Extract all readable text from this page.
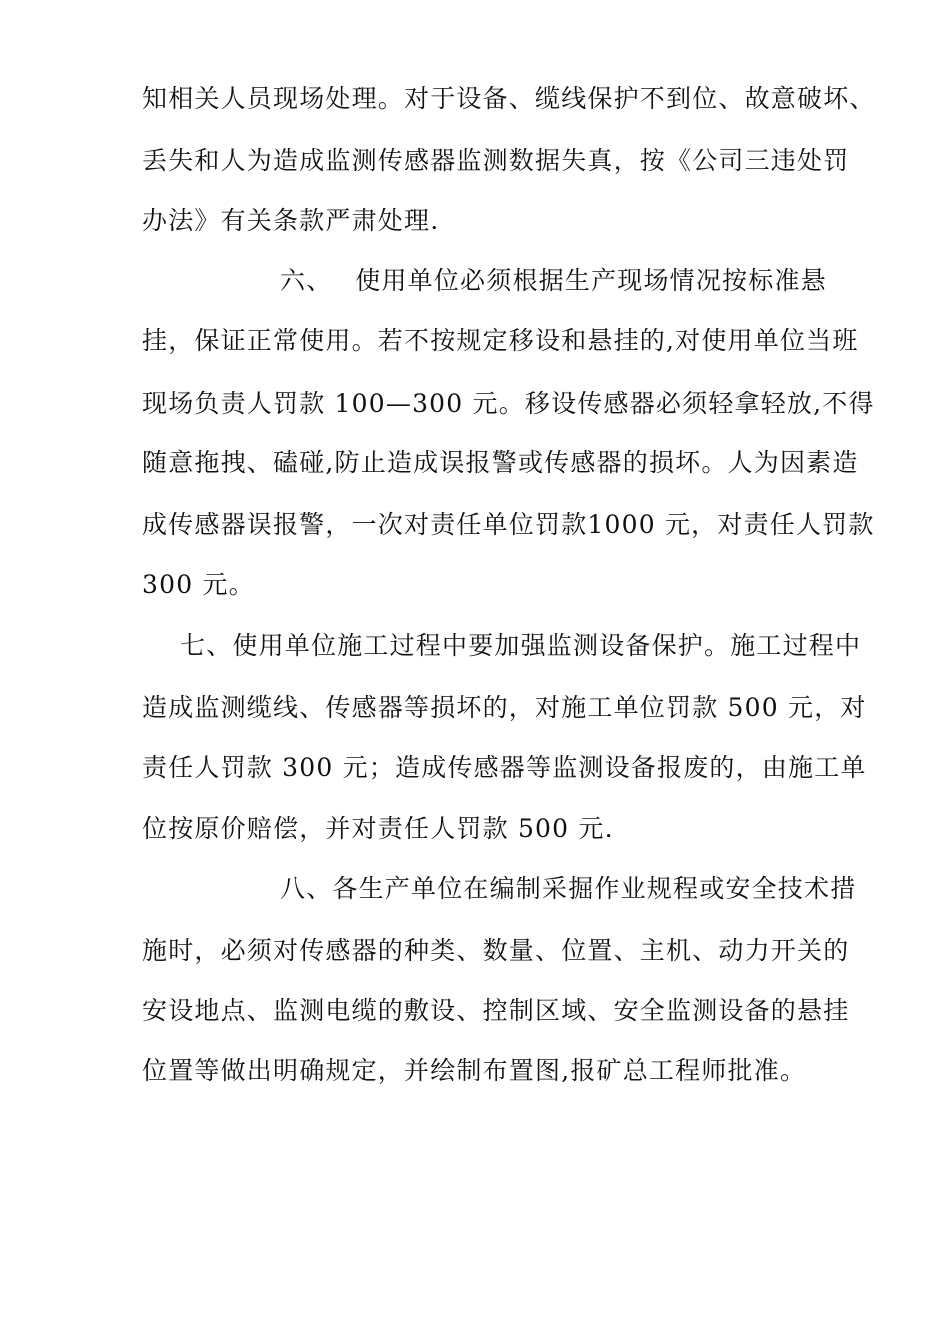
知相关人员现场处理。对于设备、缆线保护不到位、故意破坏、
丢失和人为造成监测传感器监测数据失真，按《公司三违处罚
办法》有关条款严肃处理.
六、　 使用单位必须根据生产现场情况按标准悬
挂，保证正常使用。若不按规定移设和悬挂的,对使用单位当班
现场负责人罚款 100—300 元。移设传感器必须轻拿轻放,不得
随意拖拽、磕碰,防止造成误报警或传感器的损坏。人为因素造
成传感器误报警，一次对责任单位罚款1000 元，对责任人罚款
300 元。
七、使用单位施工过程中要加强监测设备保护。施工过程中
造成监测缆线、传感器等损坏的，对施工单位罚款 500 元，对
责任人罚款 300 元；造成传感器等监测设备报废的，由施工单
位按原价赔偿，并对责任人罚款 500 元.
八、各生产单位在编制采掘作业规程或安全技术措
施时，必须对传感器的种类、数量、位置、主机、动力开关的
安设地点、监测电缆的敷设、控制区域、安全监测设备的悬挂
位置等做出明确规定，并绘制布置图,报矿总工程师批准。
